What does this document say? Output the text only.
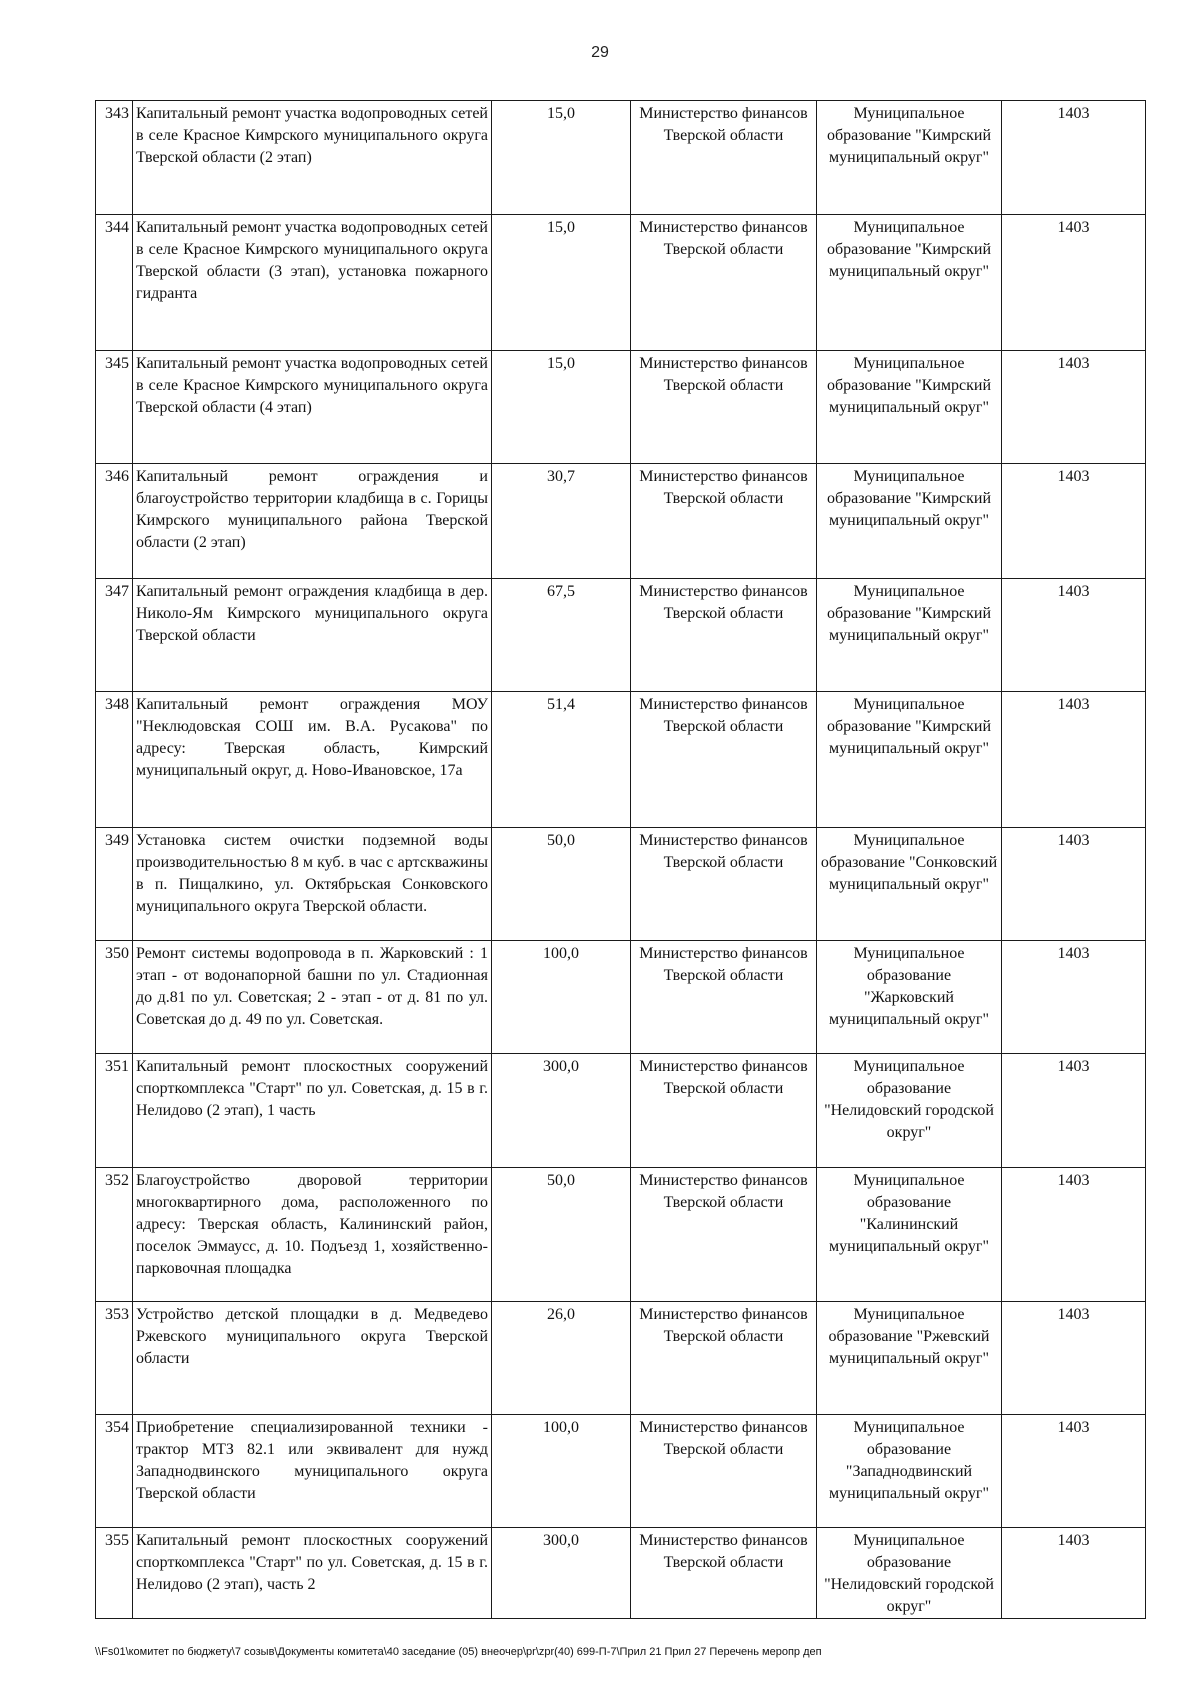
29
343	Капитальный ремонт участка водопроводных сетей в селе Красное Кимрского муниципального округа Тверской области (2 этап)	15,0	Министерство финансов Тверской области	Муниципальное образование "Кимрский муниципальный округ"	1403
344	Капитальный ремонт участка водопроводных сетей в селе Красное Кимрского муниципального округа Тверской области (3 этап), установка пожарного гидранта	15,0	Министерство финансов Тверской области	Муниципальное образование "Кимрский муниципальный округ"	1403
345	Капитальный ремонт участка водопроводных сетей в селе Красное Кимрского муниципального округа Тверской области (4 этап)	15,0	Министерство финансов Тверской области	Муниципальное образование "Кимрский муниципальный округ"	1403
346	Капитальный ремонт ограждения и благоустройство территории кладбища в с. Горицы Кимрского муниципального района Тверской области (2 этап)	30,7	Министерство финансов Тверской области	Муниципальное образование "Кимрский муниципальный округ"	1403
347	Капитальный ремонт ограждения кладбища в дер. Николо-Ям Кимрского муниципального округа Тверской области	67,5	Министерство финансов Тверской области	Муниципальное образование "Кимрский муниципальный округ"	1403
348	Капитальный ремонт ограждения МОУ "Неклюдовская СОШ им. В.А. Русакова" по адресу: Тверская область, Кимрский муниципальный округ, д. Ново-Ивановское, 17а	51,4	Министерство финансов Тверской области	Муниципальное образование "Кимрский муниципальный округ"	1403
349	Установка систем очистки подземной воды производительностью 8 м куб. в час с артскважины в п. Пищалкино, ул. Октябрьская Сонковского муниципального округа Тверской области.	50,0	Министерство финансов Тверской области	Муниципальное образование "Сонковский муниципальный округ"	1403
350	Ремонт системы водопровода в п. Жарковский : 1 этап - от водонапорной башни по ул. Стадионная до д.81 по ул. Советская; 2 - этап - от д. 81 по ул. Советская до д. 49 по ул. Советская.	100,0	Министерство финансов Тверской области	Муниципальное образование "Жарковский муниципальный округ"	1403
351	Капитальный ремонт плоскостных сооружений спорткомплекса "Старт" по ул. Советская, д. 15 в г. Нелидово (2 этап), 1 часть	300,0	Министерство финансов Тверской области	Муниципальное образование "Нелидовский городской округ"	1403
352	Благоустройство дворовой территории многоквартирного дома, расположенного по адресу: Тверская область, Калининский район, поселок Эммаусс, д. 10. Подъезд 1, хозяйственно-парковочная площадка	50,0	Министерство финансов Тверской области	Муниципальное образование "Калининский муниципальный округ"	1403
353	Устройство детской площадки в д. Медведево Ржевского муниципального округа Тверской области	26,0	Министерство финансов Тверской области	Муниципальное образование "Ржевский муниципальный округ"	1403
354	Приобретение специализированной техники - трактор МТЗ 82.1 или эквивалент для нужд Западнодвинского муниципального округа Тверской области	100,0	Министерство финансов Тверской области	Муниципальное образование "Западнодвинский муниципальный округ"	1403
355	Капитальный ремонт плоскостных сооружений спорткомплекса "Старт" по ул. Советская, д. 15 в г. Нелидово (2 этап), часть 2	300,0	Министерство финансов Тверской области	Муниципальное образование "Нелидовский городской округ"	1403
\\Fs01\комитет по бюджету\7 созыв\Документы комитета\40 заседание (05) внеочер\pr\zpr(40) 699-П-7\Прил 21 Прил 27 Перечень меропр деп
